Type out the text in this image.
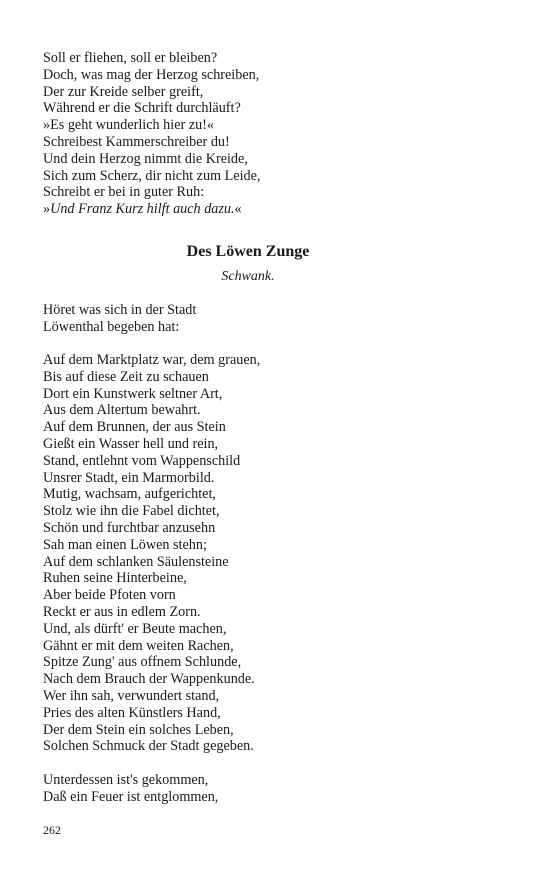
Soll er fliehen, soll er bleiben?
Doch, was mag der Herzog schreiben,
Der zur Kreide selber greift,
Während er die Schrift durchläuft?
»Es geht wunderlich hier zu!«
Schreibest Kammerschreiber du!
Und dein Herzog nimmt die Kreide,
Sich zum Scherz, dir nicht zum Leide,
Schreibt er bei in guter Ruh:
»Und Franz Kurz hilft auch dazu.«
Des Löwen Zunge
Schwank.
Höret was sich in der Stadt
Löwenthal begeben hat:
Auf dem Marktplatz war, dem grauen,
Bis auf diese Zeit zu schauen
Dort ein Kunstwerk seltner Art,
Aus dem Altertum bewahrt.
Auf dem Brunnen, der aus Stein
Gießt ein Wasser hell und rein,
Stand, entlehnt vom Wappenschild
Unsrer Stadt, ein Marmorbild.
Mutig, wachsam, aufgerichtet,
Stolz wie ihn die Fabel dichtet,
Schön und furchtbar anzusehn
Sah man einen Löwen stehn;
Auf dem schlanken Säulensteine
Ruhen seine Hinterbeine,
Aber beide Pfoten vorn
Reckt er aus in edlem Zorn.
Und, als dürft' er Beute machen,
Gähnt er mit dem weiten Rachen,
Spitze Zung' aus offnem Schlunde,
Nach dem Brauch der Wappenkunde.
Wer ihn sah, verwundert stand,
Pries des alten Künstlers Hand,
Der dem Stein ein solches Leben,
Solchen Schmuck der Stadt gegeben.
Unterdessen ist's gekommen,
Daß ein Feuer ist entglommen,
262
